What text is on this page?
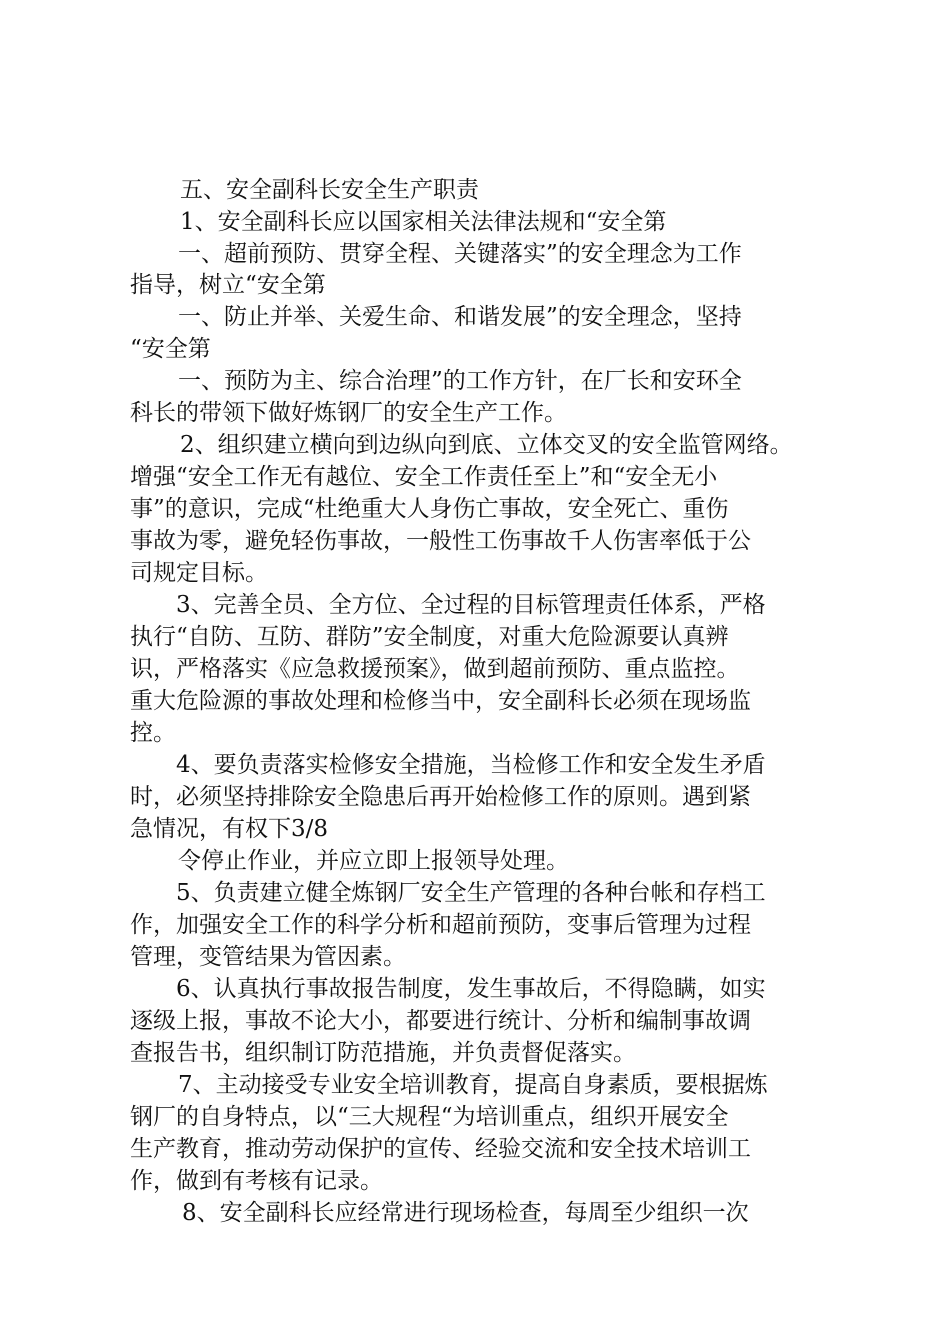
五、安全副科长安全生产职责
1、安全副科长应以国家相关法律法规和“安全第
一、超前预防、贯穿全程、关键落实”的安全理念为工作
指导，树立“安全第
一、防止并举、关爱生命、和谐发展”的安全理念，坚持
“安全第
一、预防为主、综合治理”的工作方针，在厂长和安环全
科长的带领下做好炼钢厂的安全生产工作。
2、组织建立横向到边纵向到底、立体交叉的安全监管网络。
增强“安全工作无有越位、安全工作责任至上”和“安全无小
事”的意识，完成“杜绝重大人身伤亡事故，安全死亡、重伤
事故为零，避免轻伤事故，一般性工伤事故千人伤害率低于公
司规定目标。
3、完善全员、全方位、全过程的目标管理责任体系，严格
执行“自防、互防、群防”安全制度，对重大危险源要认真辨
识，严格落实《应急救援预案》，做到超前预防、重点监控。
重大危险源的事故处理和检修当中，安全副科长必须在现场监
控。
4、要负责落实检修安全措施，当检修工作和安全发生矛盾
时，必须坚持排除安全隐患后再开始检修工作的原则。遇到紧
急情况，有权下3/8
令停止作业，并应立即上报领导处理。
5、负责建立健全炼钢厂安全生产管理的各种台帐和存档工
作，加强安全工作的科学分析和超前预防，变事后管理为过程
管理，变管结果为管因素。
6、认真执行事故报告制度，发生事故后，不得隐瞒，如实
逐级上报，事故不论大小，都要进行统计、分析和编制事故调
查报告书，组织制订防范措施，并负责督促落实。
7、主动接受专业安全培训教育，提高自身素质，要根据炼
钢厂的自身特点，以“三大规程“为培训重点，组织开展安全
生产教育，推动劳动保护的宣传、经验交流和安全技术培训工
作，做到有考核有记录。
8、安全副科长应经常进行现场检查，每周至少组织一次
